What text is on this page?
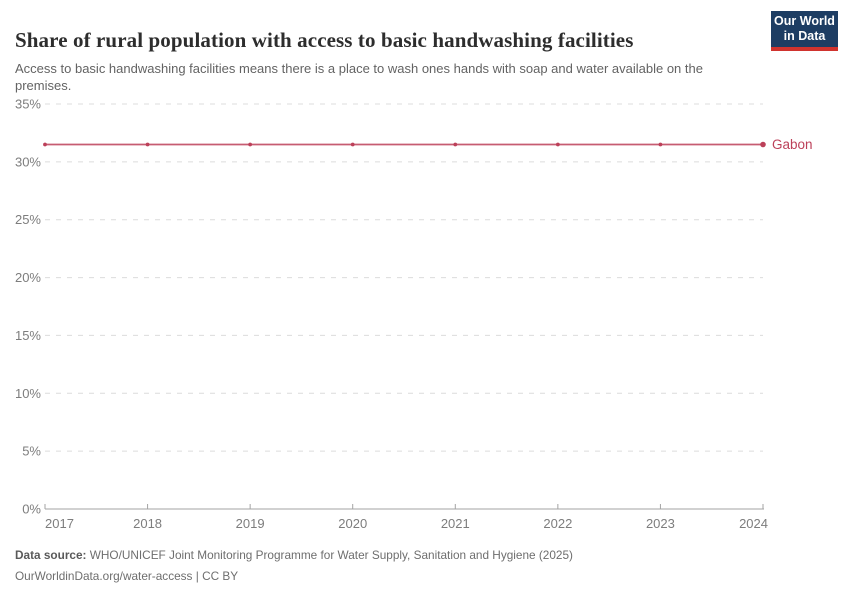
Share of rural population with access to basic handwashing facilities

Access to basic handwashing facilities means there is a place to wash ones hands with soap and water available on the premises.

Our World
in Data
0%
5%
10%
15%
20%
25%
30%
35%
2017	2018	2019	2020	2021	2022	2023	2024
Gabon
Data source: WHO/UNICEF Joint Monitoring Programme for Water Supply, Sanitation and Hygiene (2025)
OurWorldinData.org/water-access | CC BY
